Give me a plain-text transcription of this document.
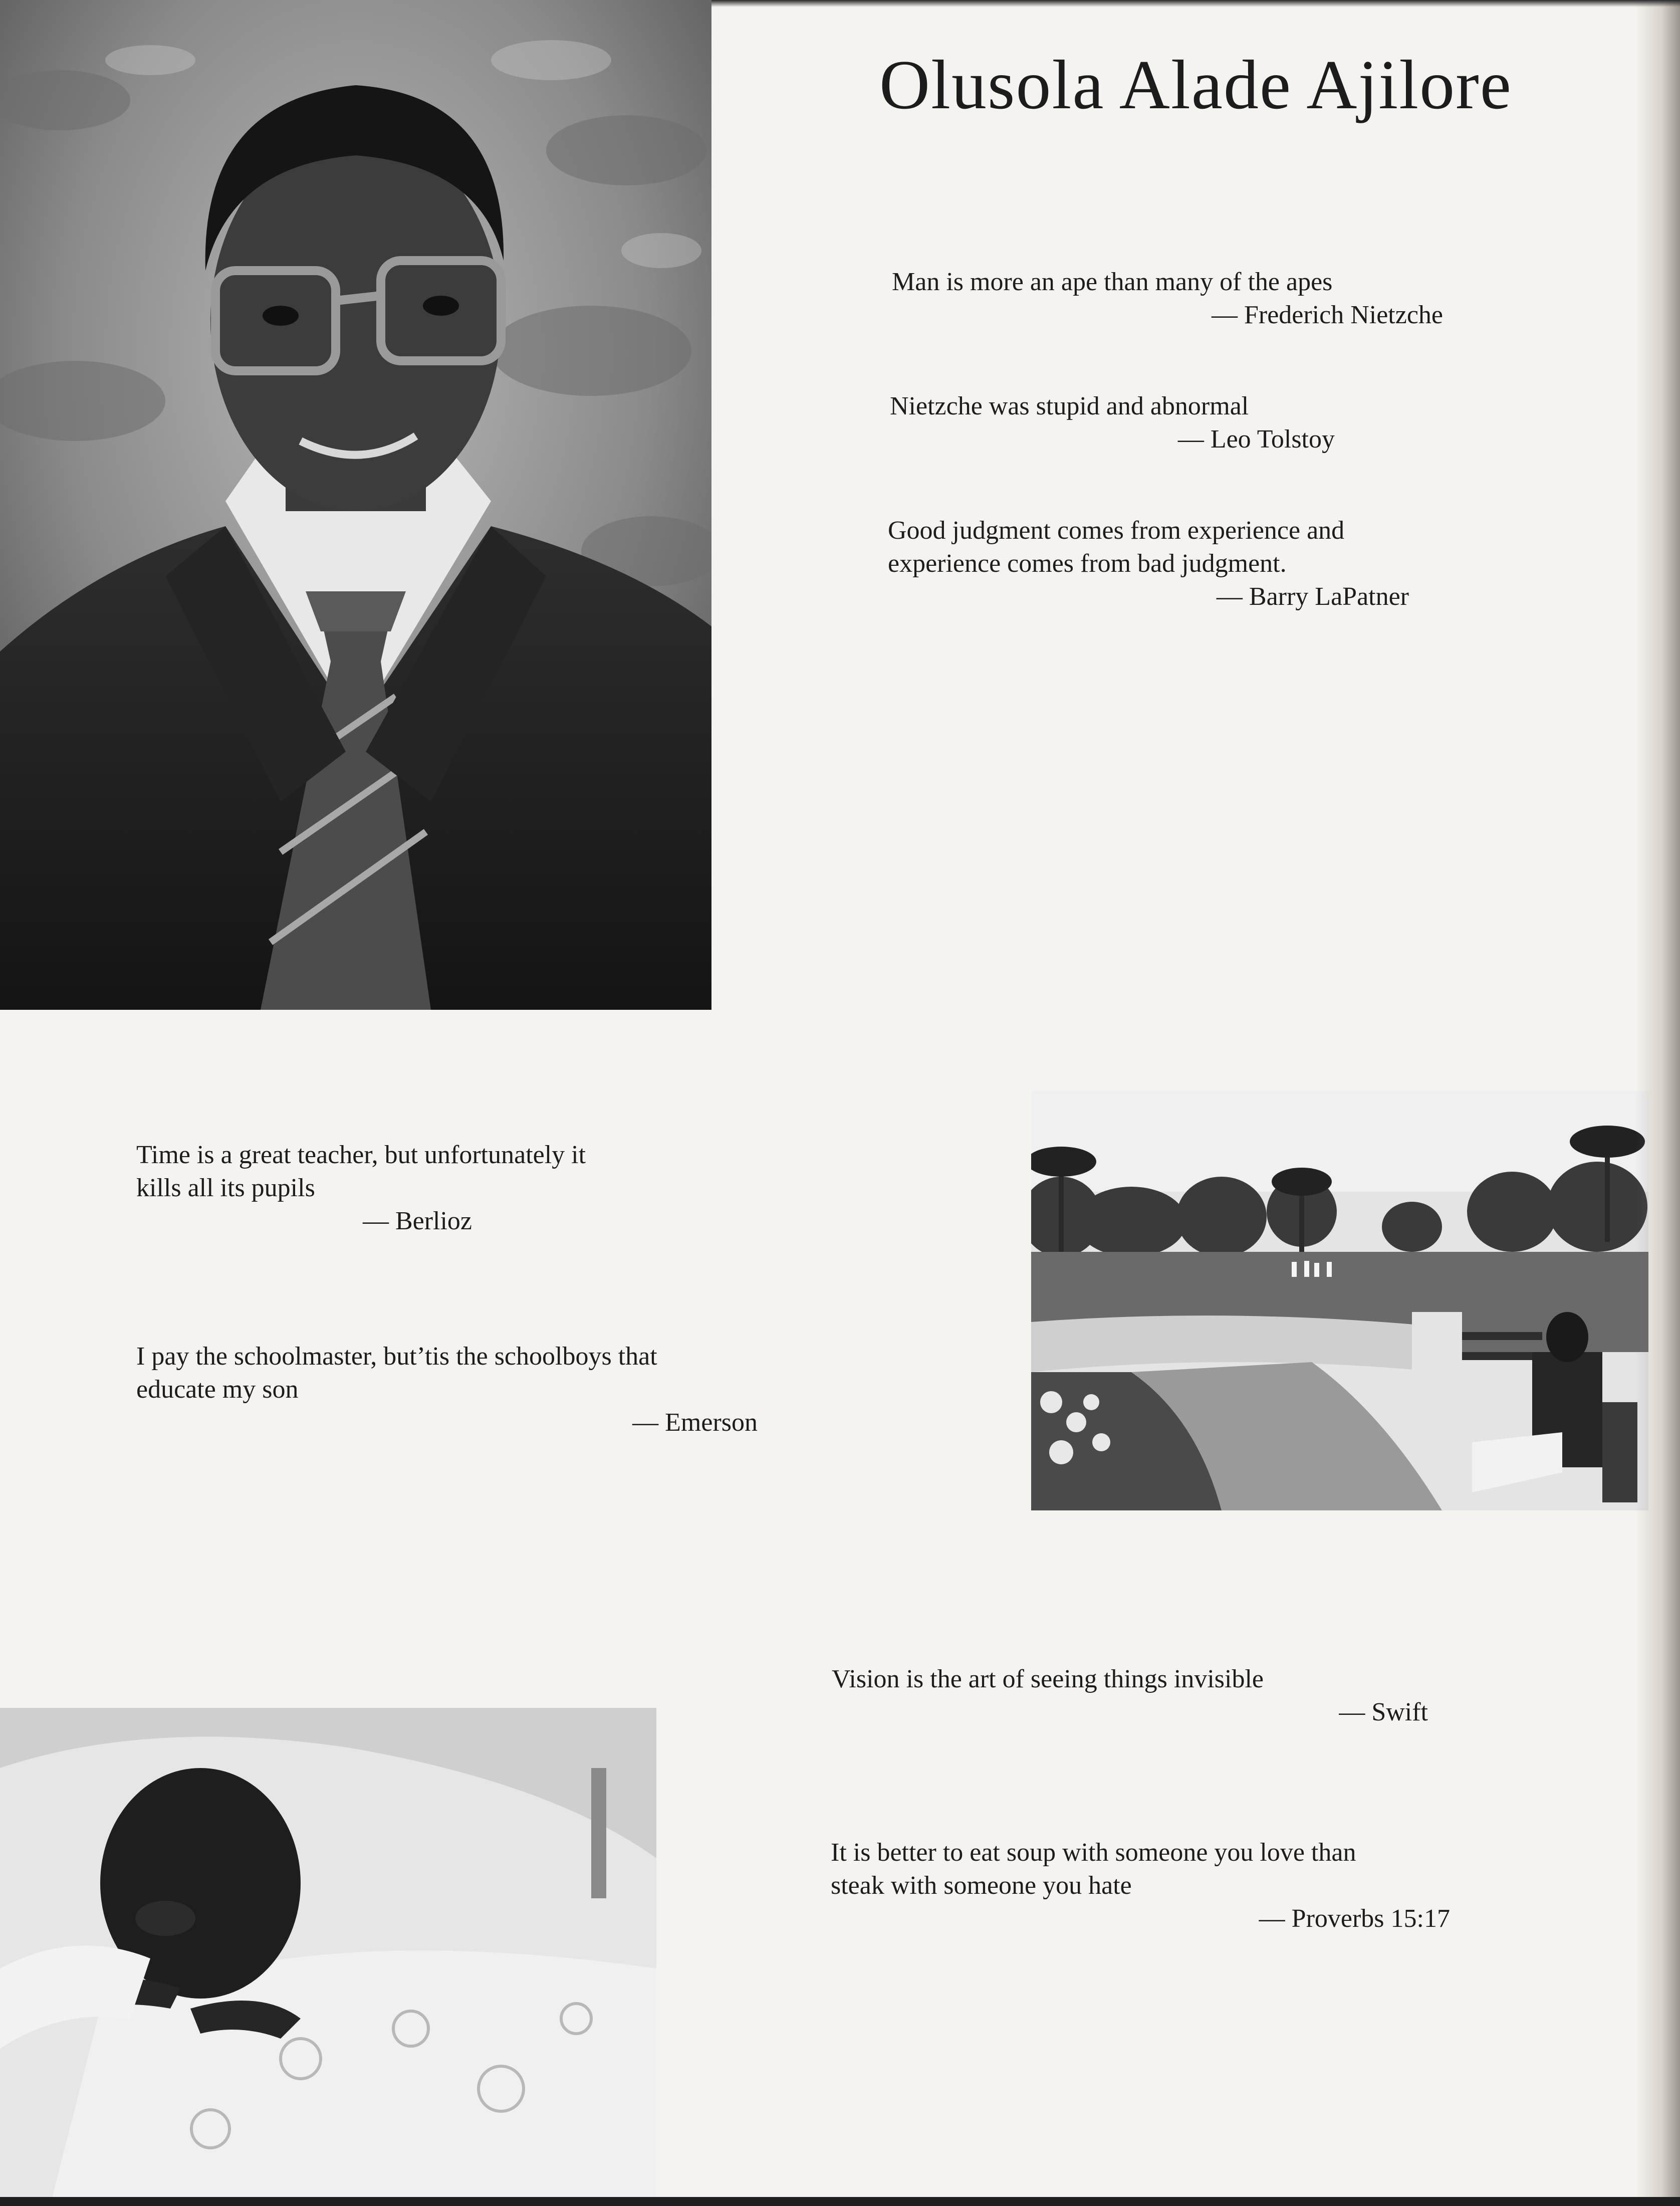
Olusola Alade Ajilore
Man is more an ape than many of the apes
— Frederich Nietzche
Nietzche was stupid and abnormal
— Leo Tolstoy
Good judgment comes from experience and
experience comes from bad judgment.
— Barry LaPatner
Time is a great teacher, but unfortunately it
kills all its pupils
— Berlioz
I pay the schoolmaster, but’tis the schoolboys that
educate my son
— Emerson
Vision is the art of seeing things invisible
— Swift
It is better to eat soup with someone you love than
steak with someone you hate
— Proverbs 15:17
